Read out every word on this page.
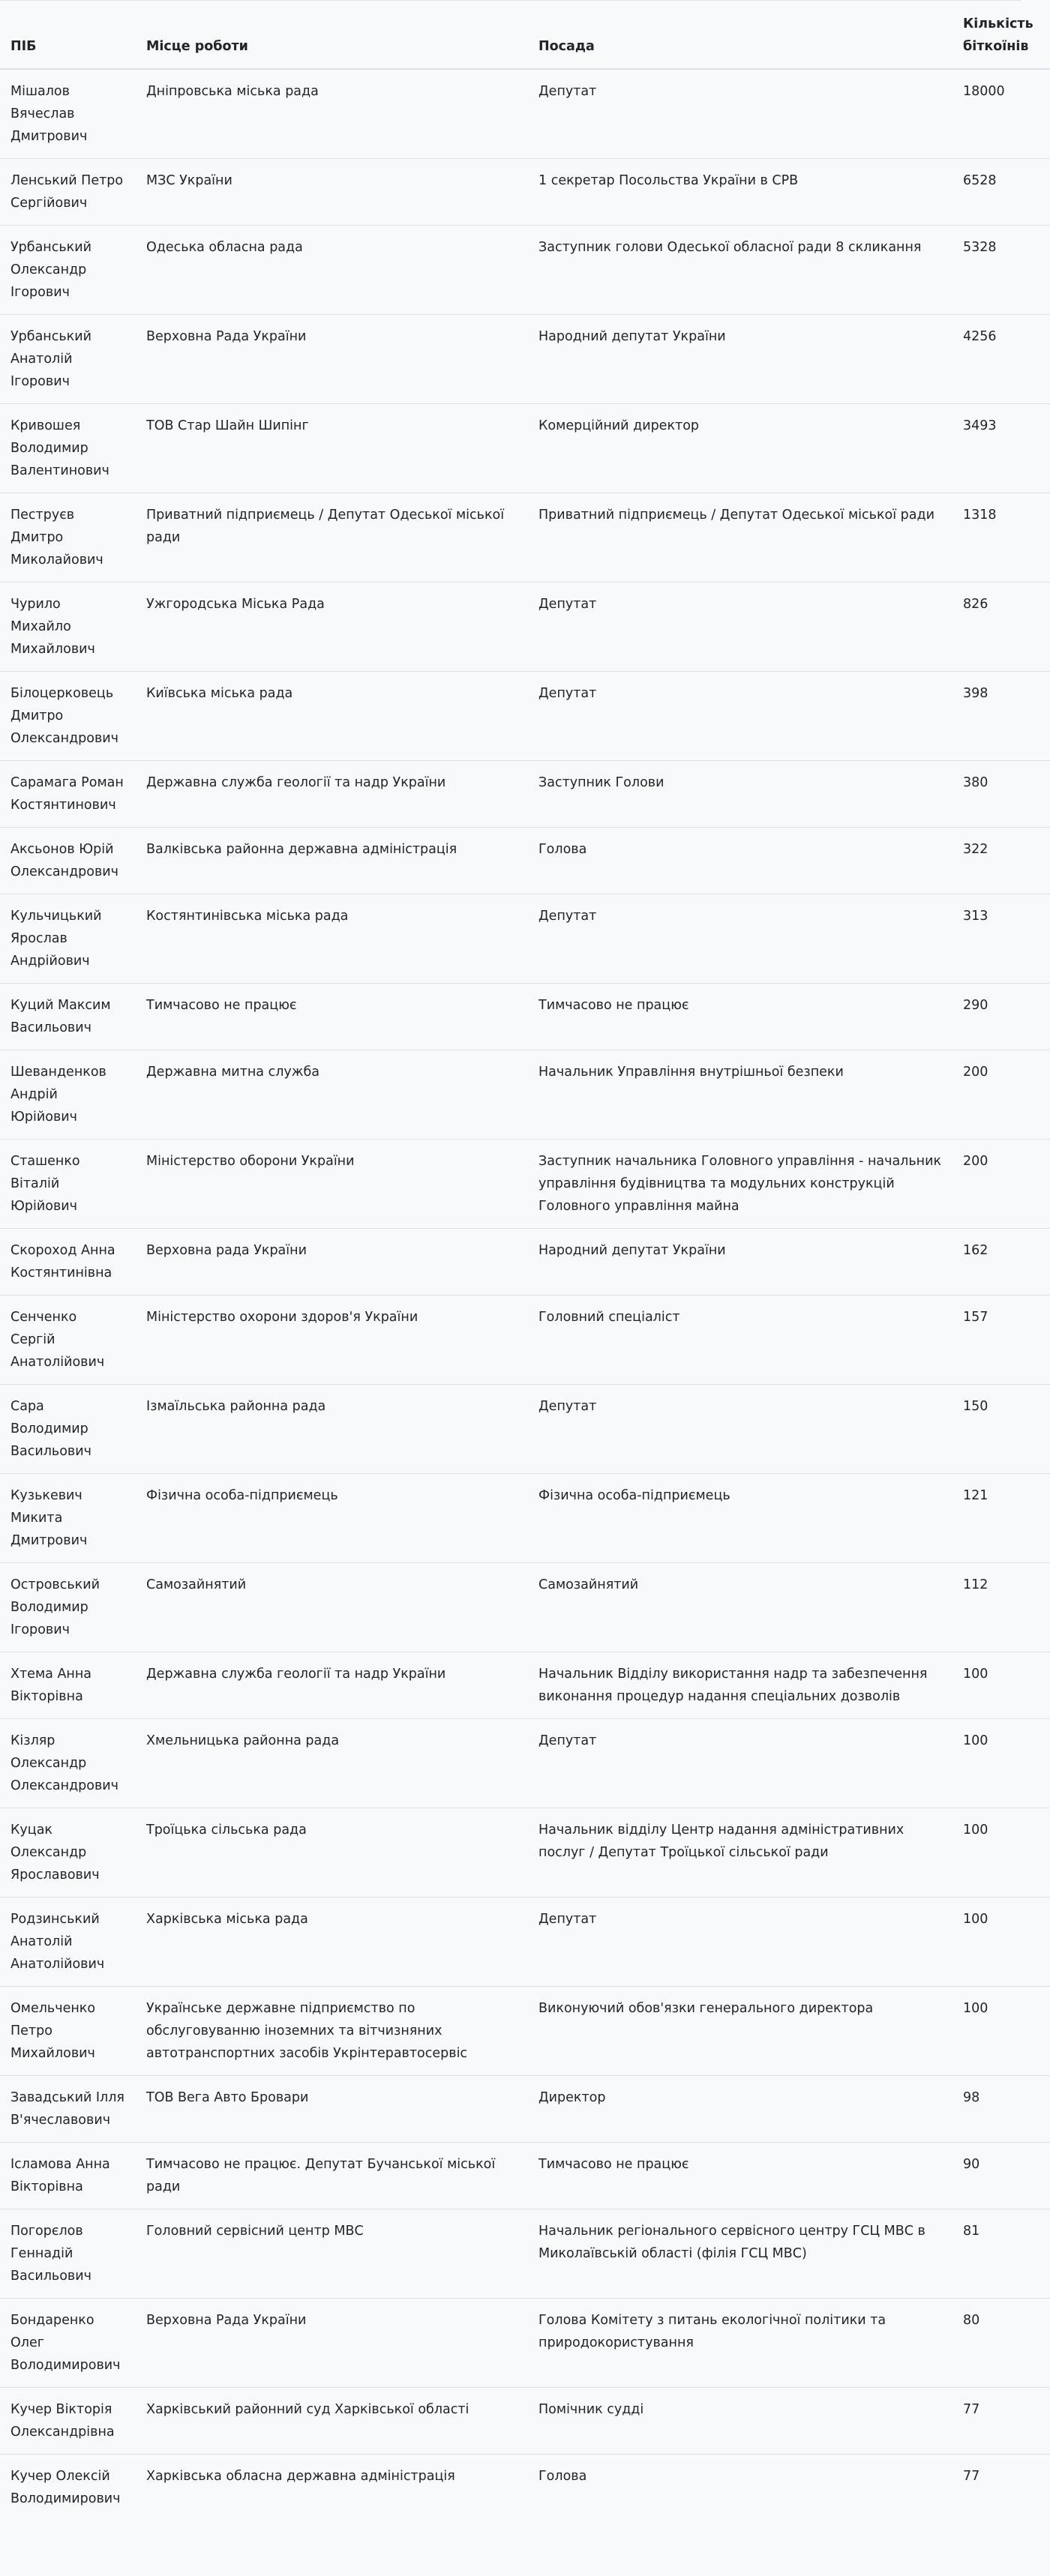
ПІБ	Місце роботи	Посада	Кількість
біткоїнів

Мішалов Вячеслав Дмитрович	Дніпровська міська рада	Депутат	18000
Ленський Петро Сергійович	МЗС України	1 секретар Посольства України в СРВ	6528
Урбанський Олександр Ігорович	Одеська обласна рада	Заступник голови Одеської обласної ради 8 скликання	5328
Урбанський Анатолій Ігорович	Верховна Рада України	Народний депутат України	4256
Кривошея Володимир Валентинович	ТОВ Стар Шайн Шипінг	Комерційний директор	3493
Пеструєв Дмитро Миколайович	Приватний підприємець / Депутат Одеської міської ради	Приватний підприємець / Депутат Одеської міської ради	1318
Чурило Михайло Михайлович	Ужгородська Міська Рада	Депутат	826
Білоцерковець Дмитро Олександрович	Київська міська рада	Депутат	398
Сарамага Роман Костянтинович	Державна служба геології та надр України	Заступник Голови	380
Аксьонов Юрій Олександрович	Валківська районна державна адміністрація	Голова	322
Кульчицький Ярослав Андрійович	Костянтинівська міська рада	Депутат	313
Куций Максим Васильович	Тимчасово не працює	Тимчасово не працює	290
Шеванденков Андрій Юрійович	Державна митна служба	Начальник Управління внутрішньої безпеки	200
Сташенко Віталій Юрійович	Міністерство оборони України	Заступник начальника Головного управління - начальник управління будівництва та модульних конструкцій Головного управління майна	200
Скороход Анна Костянтинівна	Верховна рада України	Народний депутат України	162
Сенченко Сергій Анатолійович	Міністерство охорони здоров'я України	Головний спеціаліст	157
Сара Володимир Васильович	Ізмаїльська районна рада	Депутат	150
Кузькевич Микита Дмитрович	Фізична особа-підприємець	Фізична особа-підприємець	121
Островський Володимир Ігорович	Самозайнятий	Самозайнятий	112
Хтема Анна Вікторівна	Державна служба геології та надр України	Начальник Відділу використання надр та забезпечення виконання процедур надання спеціальних дозволів	100
Кізляр Олександр Олександрович	Хмельницька районна рада	Депутат	100
Куцак Олександр Ярославович	Троїцька сільська рада	Начальник відділу Центр надання адміністративних послуг / Депутат Троїцької сільської ради	100
Родзинський Анатолій Анатолійович	Харківська міська рада	Депутат	100
Омельченко Петро Михайлович	Українське державне підприємство по обслуговуванню іноземних та вітчизняних автотранспортних засобів Укрінтеравтосервіс	Виконуючий обов'язки генерального директора	100
Завадський Ілля В'ячеславович	ТОВ Вега Авто Бровари	Директор	98
Ісламова Анна Вікторівна	Тимчасово не працює. Депутат Бучанської міської ради	Тимчасово не працює	90
Погорєлов Геннадій Васильович	Головний сервісний центр МВС	Начальник регіонального сервісного центру ГСЦ МВС в Миколаївській області (філія ГСЦ МВС)	81
Бондаренко Олег Володимирович	Верховна Рада України	Голова Комітету з питань екологічної політики та природокористування	80
Кучер Вікторія Олександрівна	Харківський районний суд Харківської області	Помічник судді	77
Кучер Олексій Володимирович	Харківська обласна державна адміністрація	Голова	77
